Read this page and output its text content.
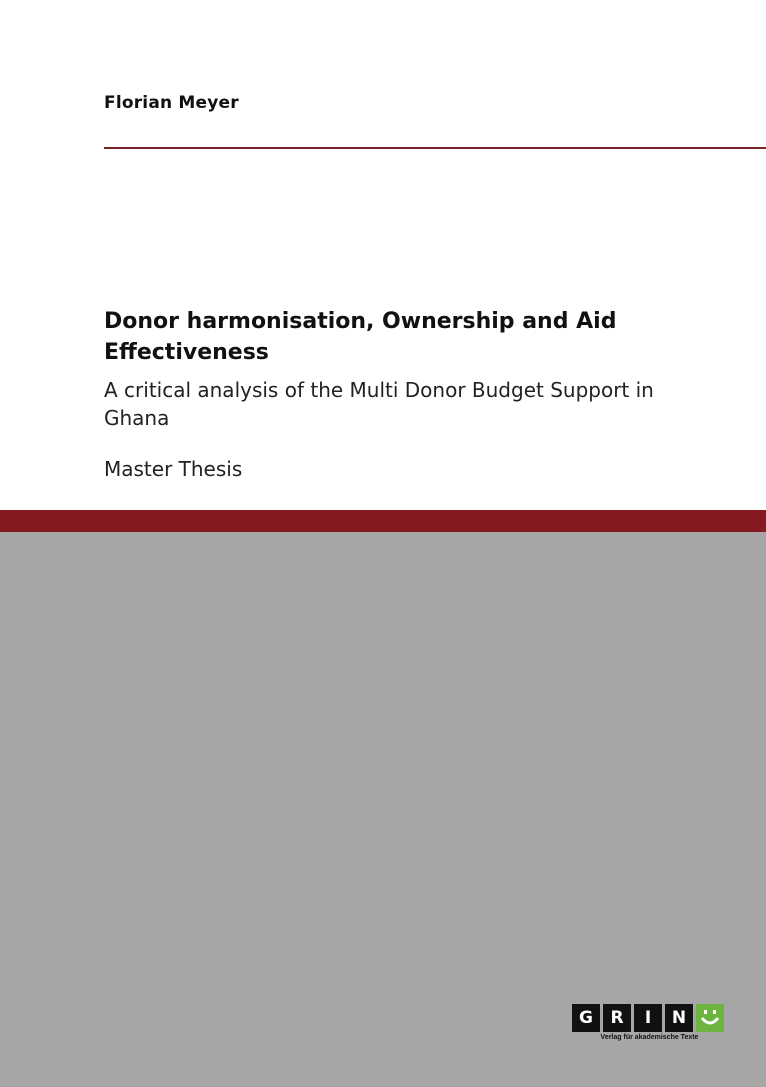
Florian Meyer
Donor harmonisation, Ownership and Aid Effectiveness

A critical analysis of the Multi Donor Budget Support in Ghana

Master Thesis

G	R	I	N

Verlag für akademische Texte
